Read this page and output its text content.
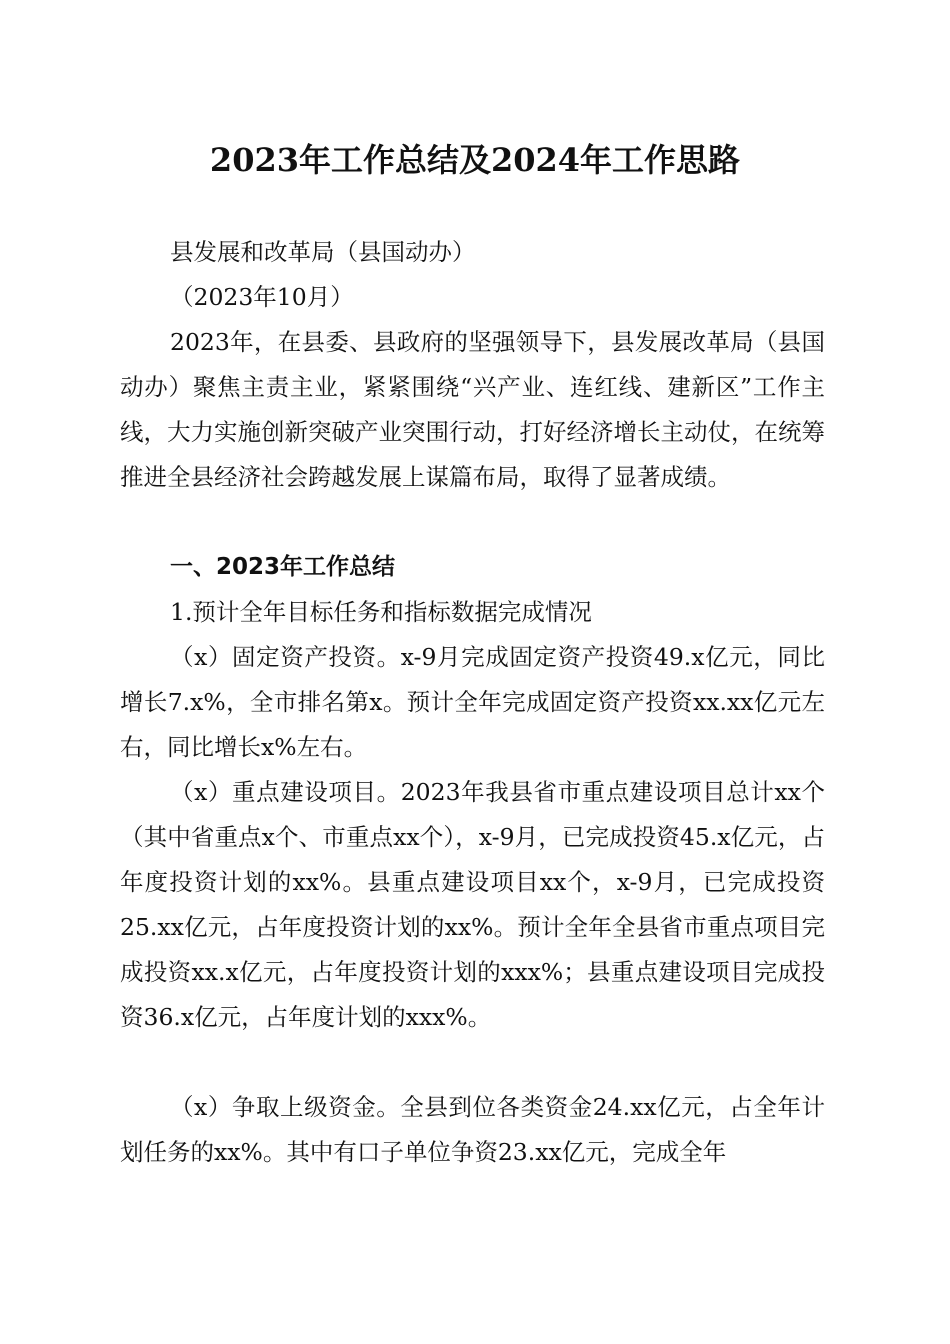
2023年工作总结及2024年工作思路
县发展和改革局（县国动办）
（2023年10月）
2023年，在县委、县政府的坚强领导下，县发展改革局（县国动办）聚焦主责主业，紧紧围绕“兴产业、连红线、建新区”工作主线，大力实施创新突破产业突围行动，打好经济增长主动仗，在统筹推进全县经济社会跨越发展上谋篇布局，取得了显著成绩。
一、2023年工作总结
1.预计全年目标任务和指标数据完成情况
（x）固定资产投资。x-9月完成固定资产投资49.x亿元，同比增长7.x%，全市排名第x。预计全年完成固定资产投资xx.xx亿元左右，同比增长x%左右。
（x）重点建设项目。2023年我县省市重点建设项目总计xx个（其中省重点x个、市重点xx个），x-9月，已完成投资45.x亿元，占年度投资计划的xx%。县重点建设项目xx个，x-9月，已完成投资25.xx亿元，占年度投资计划的xx%。预计全年全县省市重点项目完成投资xx.x亿元，占年度投资计划的xxx%；县重点建设项目完成投资36.x亿元，占年度计划的xxx%。
（x）争取上级资金。全县到位各类资金24.xx亿元，占全年计划任务的xx%。其中有口子单位争资23.xx亿元，完成全年
